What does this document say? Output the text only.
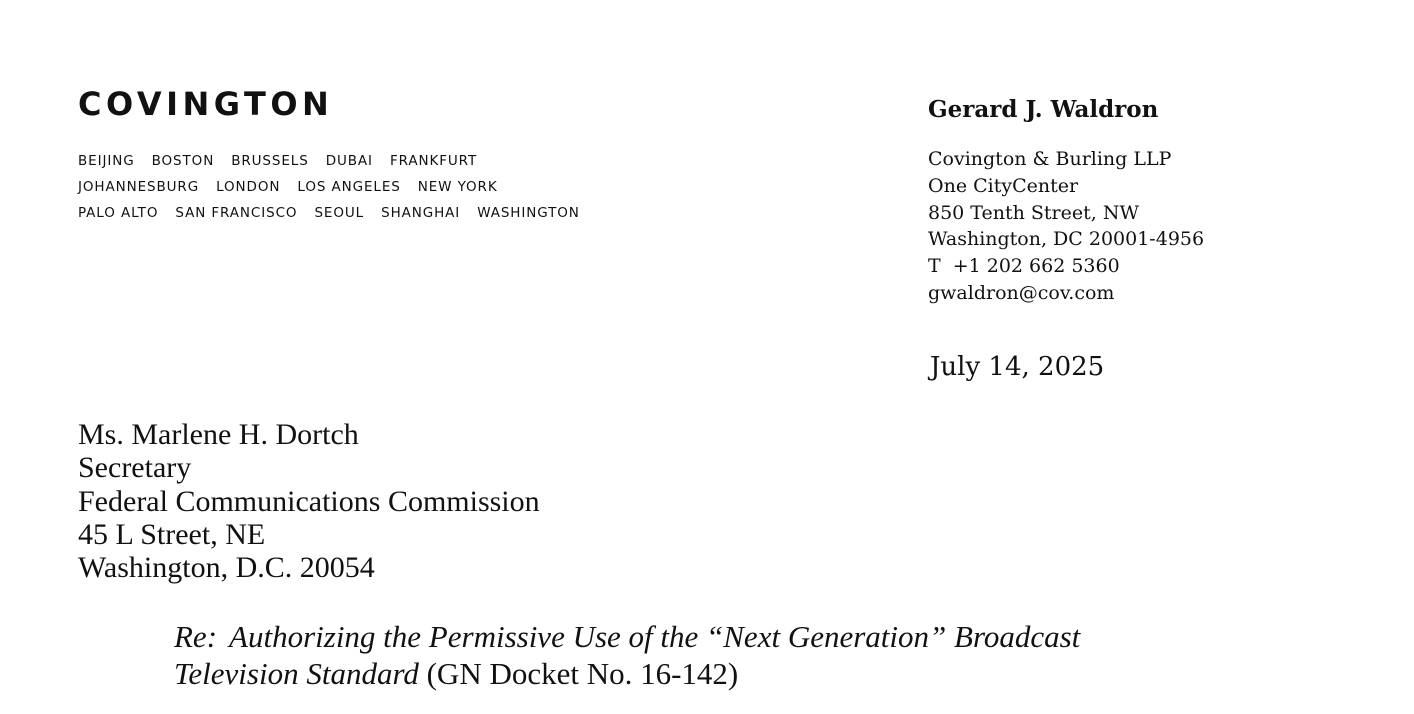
COVINGTON
BEIJING BOSTON BRUSSELS DUBAI FRANKFURT
JOHANNESBURG LONDON LOS ANGELES NEW YORK
PALO ALTO SAN FRANCISCO SEOUL SHANGHAI WASHINGTON
Gerard J. Waldron
Covington & Burling LLP
One CityCenter
850 Tenth Street, NW
Washington, DC 20001-4956
T +1 202 662 5360
gwaldron@cov.com
July 14, 2025
Ms. Marlene H. Dortch
Secretary
Federal Communications Commission
45 L Street, NE
Washington, D.C. 20054
Re: Authorizing the Permissive Use of the “Next Generation” Broadcast
Television Standard (GN Docket No. 16-142)
